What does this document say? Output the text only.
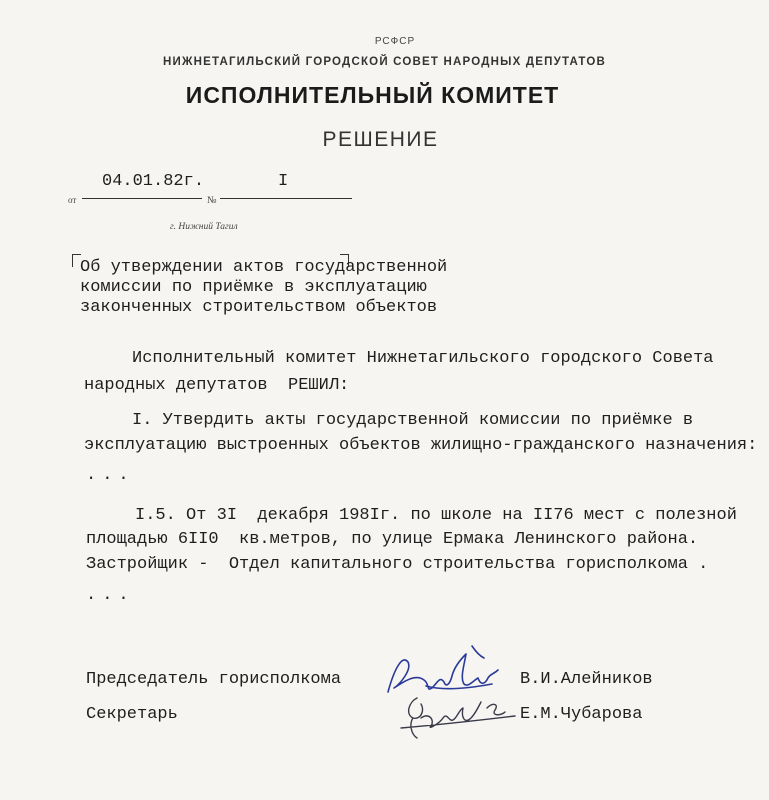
РСФСР
НИЖНЕТАГИЛЬСКИЙ ГОРОДСКОЙ СОВЕТ НАРОДНЫХ ДЕПУТАТОВ
ИСПОЛНИТЕЛЬНЫЙ КОМИТЕТ
РЕШЕНИЕ
от
04.01.82г.
№
I
г. Нижний Тагил
Об утверждении актов государственной
комиссии по приёмке в эксплуатацию
законченных строительством объектов
Исполнительный комитет Нижнетагильского городского Совета
народных депутатов  РЕШИЛ:
I. Утвердить акты государственной комиссии по приёмке в
эксплуатацию выстроенных объектов жилищно-гражданского назначения:
...
I.5. От 3I  декабря 198Iг. по школе на II76 мест с полезной
площадью 6II0  кв.метров, по улице Ермака Ленинского района.
Застройщик -  Отдел капитального строительства горисполкома .
...
Председатель горисполкома	В.И.Алейников
Секретарь	Е.М.Чубарова
